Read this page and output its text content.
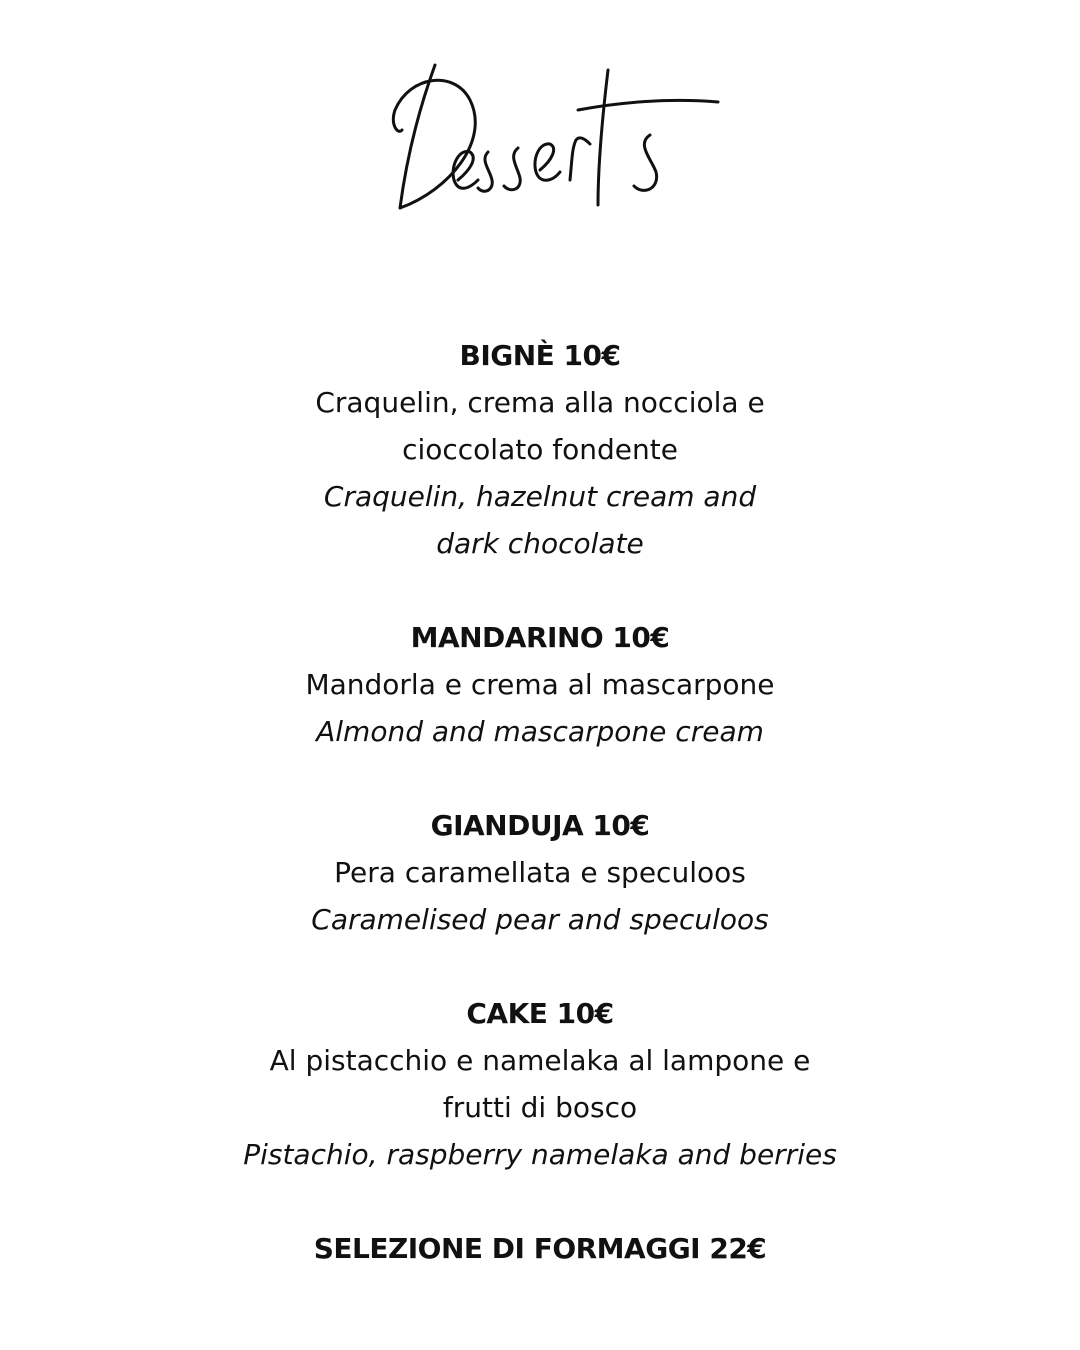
BIGNÈ 10€

Craquelin, crema alla nocciola e cioccolato fondente

Craquelin, hazelnut cream and dark chocolate

MANDARINO 10€

Mandorla e crema al mascarpone

Almond and mascarpone cream

GIANDUJA 10€

Pera caramellata e speculoos

Caramelised pear and speculoos

CAKE 10€

Al pistacchio e namelaka al lampone e frutti di bosco

Pistachio, raspberry namelaka and berries

SELEZIONE DI FORMAGGI 22€
